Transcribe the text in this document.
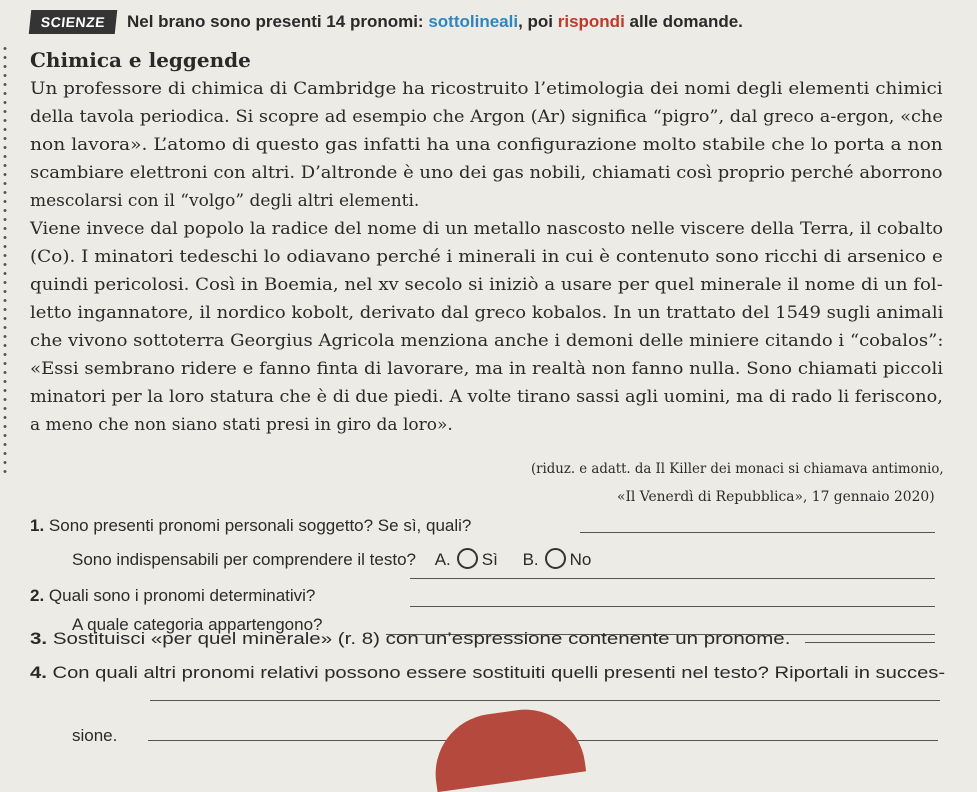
SCIENZE	Nel brano sono presenti 14 pronomi: sottolineali, poi rispondi alle domande.
Chimica e leggende
Un professore di chimica di Cambridge ha ricostruito l’etimologia dei nomi degli elementi chimici
della tavola periodica. Si scopre ad esempio che Argon (Ar) significa “pigro”, dal greco a-ergon, «che
non lavora». L’atomo di questo gas infatti ha una configurazione molto stabile che lo porta a non
scambiare elettroni con altri. D’altronde è uno dei gas nobili, chiamati così proprio perché aborrono
mescolarsi con il “volgo” degli altri elementi.
Viene invece dal popolo la radice del nome di un metallo nascosto nelle viscere della Terra, il cobalto
(Co). I minatori tedeschi lo odiavano perché i minerali in cui è contenuto sono ricchi di arsenico e
quindi pericolosi. Così in Boemia, nel xv secolo si iniziò a usare per quel minerale il nome di un fol-
letto ingannatore, il nordico kobolt, derivato dal greco kobalos. In un trattato del 1549 sugli animali
che vivono sottoterra Georgius Agricola menziona anche i demoni delle miniere citando i “cobalos”:
«Essi sembrano ridere e fanno finta di lavorare, ma in realtà non fanno nulla. Sono chiamati piccoli
minatori per la loro statura che è di due piedi. A volte tirano sassi agli uomini, ma di rado li feriscono,
a meno che non siano stati presi in giro da loro».
(riduz. e adatt. da Il Killer dei monaci si chiamava antimonio,
«Il Venerdì di Repubblica», 17 gennaio 2020)
1. Sono presenti pronomi personali soggetto? Se sì, quali?
Sono indispensabili per comprendere il testo? A. Sì B. No
2. Quali sono i pronomi determinativi?
A quale categoria appartengono?
3. Sostituisci «per quel minerale» (r. 8) con un’espressione contenente un pronome.
4. Con quali altri pronomi relativi possono essere sostituiti quelli presenti nel testo? Riportali in succes-
sione.
